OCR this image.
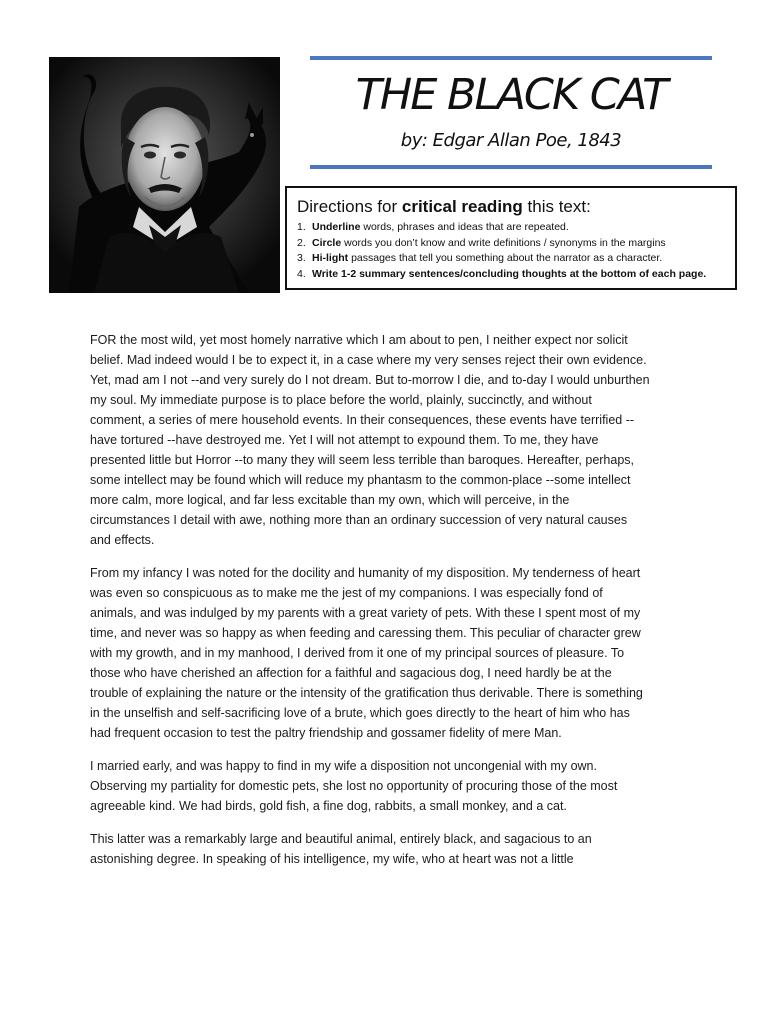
THE BLACK CAT
by: Edgar Allan Poe, 1843
Directions for critical reading this text:
1. Underline words, phrases and ideas that are repeated.
2. Circle words you don’t know and write definitions / synonyms in the margins
3. Hi-light passages that tell you something about the narrator as a character.
4. Write 1-2 summary sentences/concluding thoughts at the bottom of each page.

FOR the most wild, yet most homely narrative which I am about to pen, I neither expect nor solicit belief. Mad indeed would I be to expect it, in a case where my very senses reject their own evidence. Yet, mad am I not --and very surely do I not dream. But to-morrow I die, and to-day I would unburthen my soul. My immediate purpose is to place before the world, plainly, succinctly, and without comment, a series of mere household events. In their consequences, these events have terrified --have tortured --have destroyed me. Yet I will not attempt to expound them. To me, they have presented little but Horror --to many they will seem less terrible than baroques. Hereafter, perhaps, some intellect may be found which will reduce my phantasm to the common-place --some intellect more calm, more logical, and far less excitable than my own, which will perceive, in the circumstances I detail with awe, nothing more than an ordinary succession of very natural causes and effects.

From my infancy I was noted for the docility and humanity of my disposition. My tenderness of heart was even so conspicuous as to make me the jest of my companions. I was especially fond of animals, and was indulged by my parents with a great variety of pets. With these I spent most of my time, and never was so happy as when feeding and caressing them. This peculiar of character grew with my growth, and in my manhood, I derived from it one of my principal sources of pleasure. To those who have cherished an affection for a faithful and sagacious dog, I need hardly be at the trouble of explaining the nature or the intensity of the gratification thus derivable. There is something in the unselfish and self-sacrificing love of a brute, which goes directly to the heart of him who has had frequent occasion to test the paltry friendship and gossamer fidelity of mere Man.

I married early, and was happy to find in my wife a disposition not uncongenial with my own. Observing my partiality for domestic pets, she lost no opportunity of procuring those of the most agreeable kind. We had birds, gold fish, a fine dog, rabbits, a small monkey, and a cat.

This latter was a remarkably large and beautiful animal, entirely black, and sagacious to an astonishing degree. In speaking of his intelligence, my wife, who at heart was not a little
